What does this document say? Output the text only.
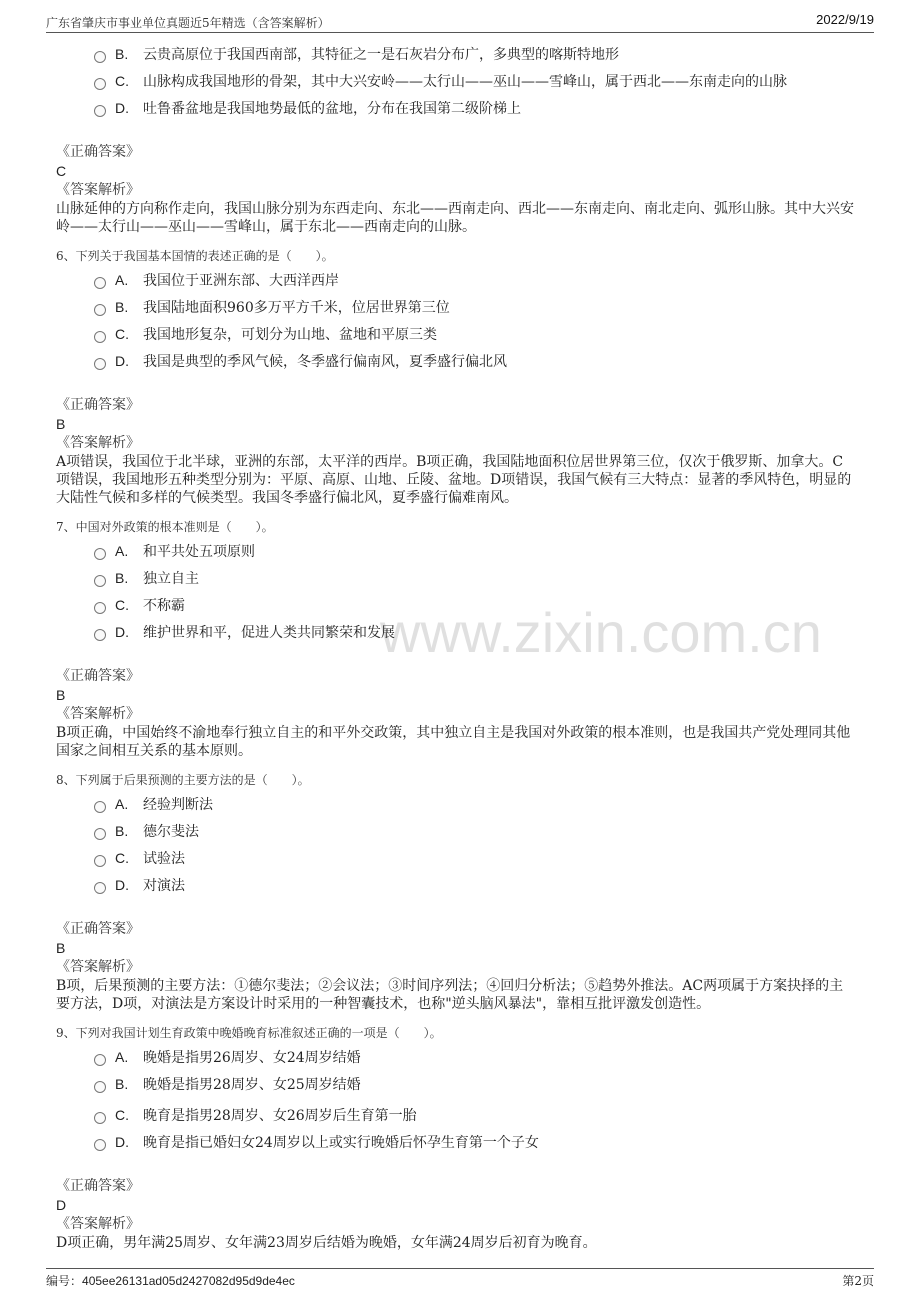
广东省肇庆市事业单位真题近5年精选（含答案解析）	2022/9/19
www.zixin.com.cn
B.	云贵高原位于我国西南部，其特征之一是石灰岩分布广，多典型的喀斯特地形
C.	山脉构成我国地形的骨架，其中大兴安岭——太行山——巫山——雪峰山，属于西北——东南走向的山脉
D.	吐鲁番盆地是我国地势最低的盆地，分布在我国第二级阶梯上
《正确答案》
C
《答案解析》
山脉延伸的方向称作走向，我国山脉分别为东西走向、东北——西南走向、西北——东南走向、南北走向、弧形山脉。其中大兴安岭——太行山——巫山——雪峰山，属于东北——西南走向的山脉。
6、下列关于我国基本国情的表述正确的是（　　）。
A.	我国位于亚洲东部、大西洋西岸
B.	我国陆地面积960多万平方千米，位居世界第三位
C.	我国地形复杂，可划分为山地、盆地和平原三类
D.	我国是典型的季风气候，冬季盛行偏南风，夏季盛行偏北风
《正确答案》
B
《答案解析》
A项错误，我国位于北半球，亚洲的东部，太平洋的西岸。B项正确，我国陆地面积位居世界第三位，仅次于俄罗斯、加拿大。C项错误，我国地形五种类型分别为：平原、高原、山地、丘陵、盆地。D项错误，我国气候有三大特点：显著的季风特色，明显的大陆性气候和多样的气候类型。我国冬季盛行偏北风，夏季盛行偏难南风。
7、中国对外政策的根本准则是（　　）。
A.	和平共处五项原则
B.	独立自主
C.	不称霸
D.	维护世界和平，促进人类共同繁荣和发展
《正确答案》
B
《答案解析》
B项正确，中国始终不渝地奉行独立自主的和平外交政策，其中独立自主是我国对外政策的根本准则，也是我国共产党处理同其他国家之间相互关系的基本原则。
8、下列属于后果预测的主要方法的是（　　）。
A.	经验判断法
B.	德尔斐法
C.	试验法
D.	对演法
《正确答案》
B
《答案解析》
B项，后果预测的主要方法：①德尔斐法；②会议法；③时间序列法；④回归分析法；⑤趋势外推法。AC两项属于方案抉择的主要方法，D项，对演法是方案设计时采用的一种智囊技术，也称"逆头脑风暴法"，靠相互批评激发创造性。
9、下列对我国计划生育政策中晚婚晚育标准叙述正确的一项是（　　）。
A.	晚婚是指男26周岁、女24周岁结婚
B.	晚婚是指男28周岁、女25周岁结婚
C.	晚育是指男28周岁、女26周岁后生育第一胎
D.	晚育是指已婚妇女24周岁以上或实行晚婚后怀孕生育第一个子女
《正确答案》
D
《答案解析》
D项正确，男年满25周岁、女年满23周岁后结婚为晚婚，女年满24周岁后初育为晚育。
编号：405ee26131ad05d2427082d95d9de4ec	第2页
